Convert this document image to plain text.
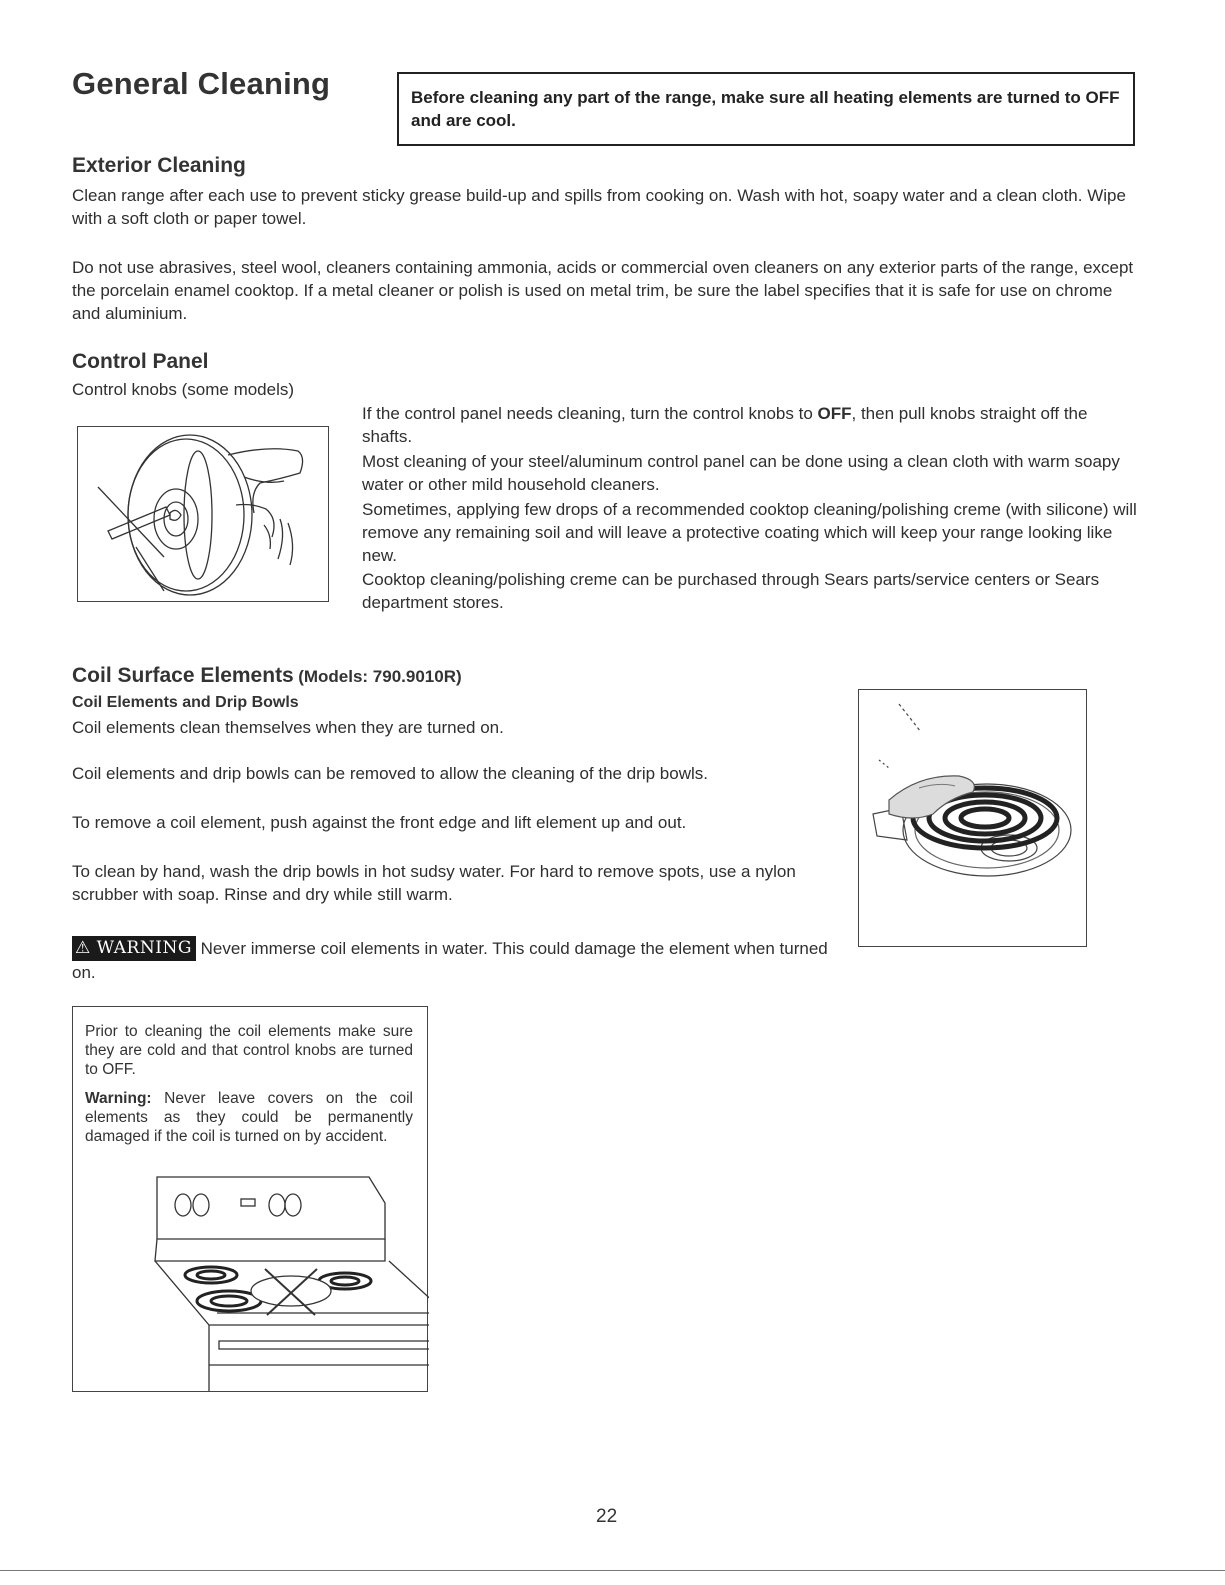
General Cleaning	Before cleaning any part of the range, make sure all heating elements are turned to OFF and are cool.
Exterior Cleaning
Clean range after each use to prevent sticky grease build-up and spills from cooking on. Wash with hot, soapy water and a clean cloth. Wipe with a soft cloth or paper towel.
Do not use abrasives, steel wool, cleaners containing ammonia, acids or commercial oven cleaners on any exterior parts of the range, except the porcelain enamel cooktop. If a metal cleaner or polish is used on metal trim, be sure the label specifies that it is safe for use on chrome and aluminium.
Control Panel
Control knobs (some models)
If the control panel needs cleaning, turn the control knobs to OFF, then pull knobs straight off the shafts.
Most cleaning of your steel/aluminum control panel can be done using a clean cloth with warm soapy water or other mild household cleaners.
Sometimes, applying few drops of a recommended cooktop cleaning/polishing creme (with silicone) will remove any remaining soil and will leave a protective coating which will keep your range looking like new.
Cooktop cleaning/polishing creme can be purchased through Sears parts/service centers or Sears department stores.
Coil Surface Elements (Models: 790.9010R)
Coil Elements and Drip Bowls
Coil elements clean themselves when they are turned on.
Coil elements and drip bowls can be removed to allow the cleaning of the drip bowls.
To remove a coil element, push against the front edge and lift element up and out.
To clean by hand, wash the drip bowls in hot sudsy water. For hard to remove spots, use a nylon scrubber with soap. Rinse and dry while still warm.
⚠ WARNING Never immerse coil elements in water. This could damage the element when turned on.
Prior to cleaning the coil elements make sure they are cold and that control knobs are turned to OFF.
Warning: Never leave covers on the coil elements as they could be permanently damaged if the coil is turned on by accident.
22
